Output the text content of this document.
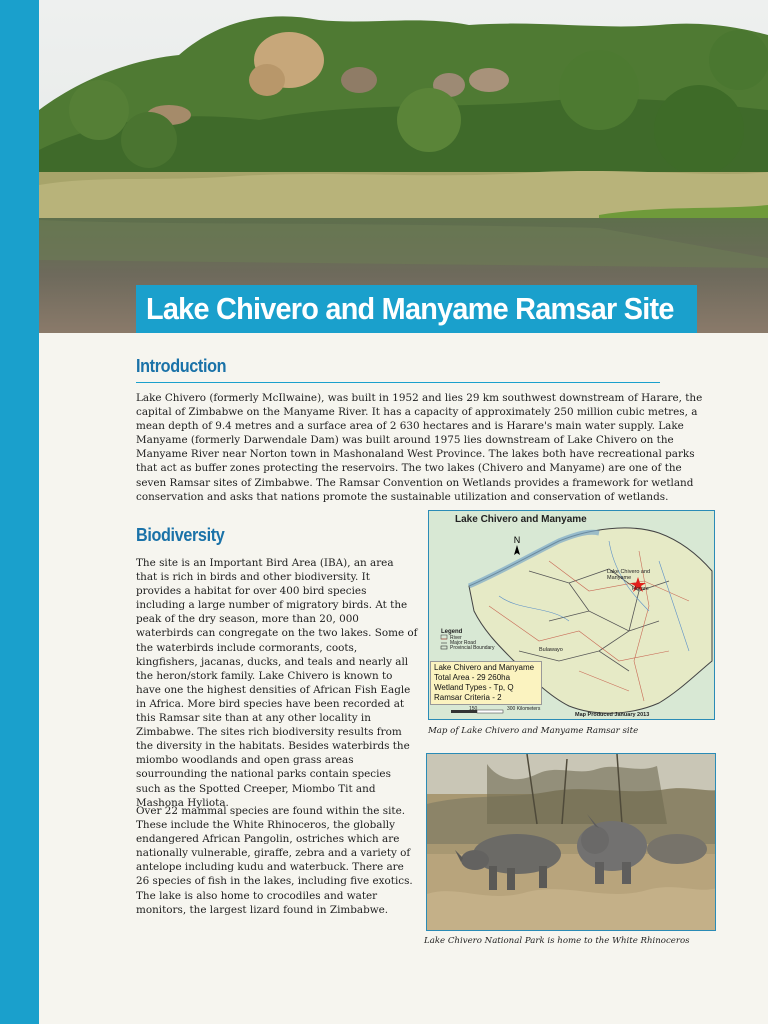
Lake Chivero and Manyame Ramsar Site
Introduction

Lake Chivero (formerly McIlwaine), was built in 1952 and lies 29 km southwest downstream of Harare, the capital of Zimbabwe on the Manyame River. It has a capacity of approximately 250 million cubic metres, a mean depth of 9.4 metres and a surface area of 2 630 hectares and is Harare's main water supply. Lake Manyame (formerly Darwendale Dam) was built around 1975 lies downstream of Lake Chivero on the Manyame River near Norton town in Mashonaland West Province. The lakes both have recreational parks that act as buffer zones protecting the reservoirs. The two lakes (Chivero and Manyame) are one of the seven Ramsar sites of Zimbabwe. The Ramsar Convention on Wetlands provides a framework for wetland conservation and asks that nations promote the sustainable utilization and conservation of wetlands.

Biodiversity

The site is an Important Bird Area (IBA), an area that is rich in birds and other biodiversity. It provides a habitat for over 400 bird species including a large number of migratory birds. At the peak of the dry season, more than 20, 000 waterbirds can congregate on the two lakes. Some of the waterbirds include cormorants, coots, kingfishers, jacanas, ducks, and teals and nearly all the heron/stork family. Lake Chivero is known to have one the highest densities of African Fish Eagle in Africa. More bird species have been recorded at this Ramsar site than at any other locality in Zimbabwe. The sites rich biodiversity results from the diversity in the habitats. Besides waterbirds the miombo woodlands and open grass areas sourrounding the national parks contain species such as the Spotted Creeper, Miombo Tit and Mashona Hyliota.

Over 22 mammal species are found within the site. These include the White Rhinoceros, the globally endangered African Pangolin, ostriches which are nationally vulnerable, giraffe, zebra and a variety of antelope including kudu and waterbuck. There are 26 species of fish in the lakes, including five exotics. The lake is also home to crocodiles and water monitors, the largest lizard found in Zimbabwe.

N
Lake Chivero and Manyame
Lake Chivero and
Manyame
Harare
Bulawayo
Legend
River
Major Road
Provincial Boundary
Lake Chivero and Manyame
Total Area - 29 260ha
Wetland Types - Tp, Q
Ramsar Criteria - 2
150	300 Kilometers
Map Produced January 2013

Map of Lake Chivero and Manyame Ramsar site

Lake Chivero National Park is home to the White Rhinoceros
